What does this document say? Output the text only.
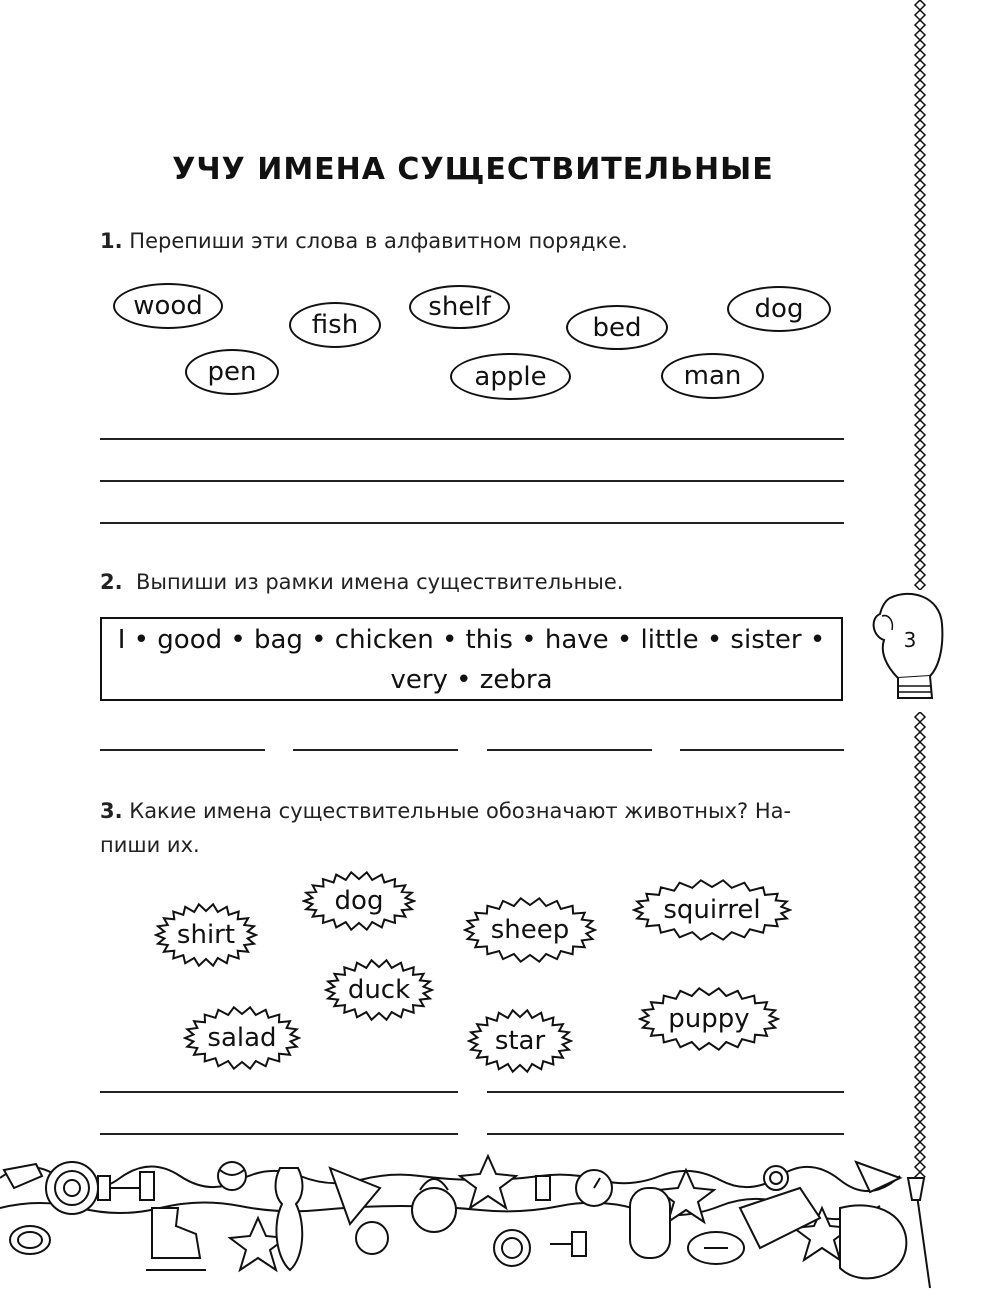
УЧУ ИМЕНА СУЩЕСТВИТЕЛЬНЫЕ
1. Перепиши эти слова в алфавитном порядке.
wood
fish
shelf
bed
dog
pen	apple	man
2. Выпиши из рамки имена существительные.
I • good • bag • chicken • this • have • little • sister •
very • zebra
3. Какие имена существительные обозначают животных? На-
пиши их.
shirt
dog
sheep
squirrel
duck
salad	star
puppy
3
